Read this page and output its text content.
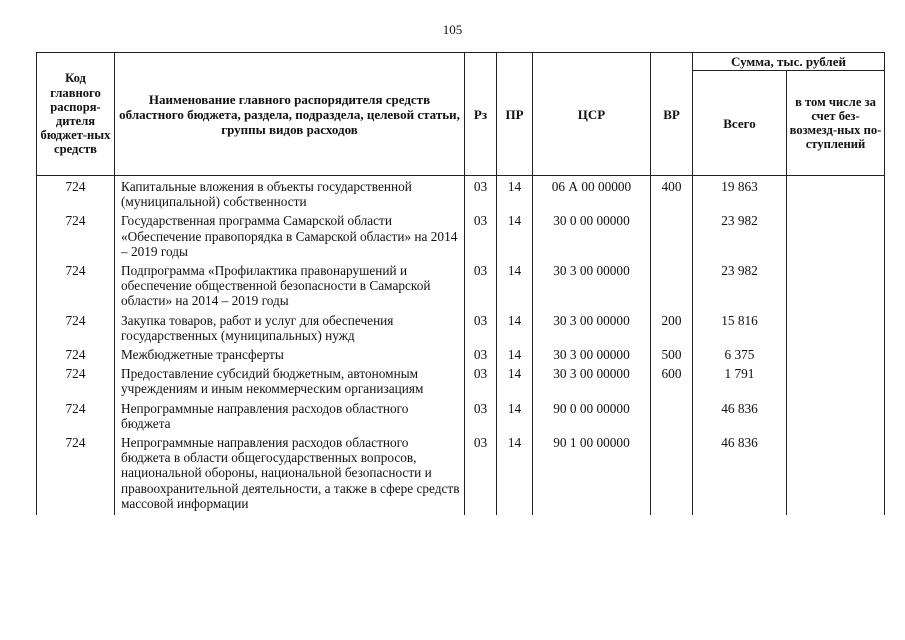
105
Код главного распоря-дителя бюджет-ных средств	Наименование главного распорядителя средств областного бюджета, раздела, подраздела, целевой статьи, группы видов расходов	Рз	ПР	ЦСР	ВР	Сумма, тыс. рублей	
						Всего	в том числе за счет без-возмезд-ных по-ступлений
724	Капитальные вложения в объекты государственной (муниципальной) собственности	03	14	06 А 00 00000	400	19 863	
724	Государственная программа Самарской области «Обеспечение правопорядка в Самарской области» на 2014 – 2019 годы	03	14	30 0 00 00000		23 982	
724	Подпрограмма «Профилактика правонарушений и обеспечение общественной безопасности в Самарской области» на 2014 – 2019 годы	03	14	30 3 00 00000		23 982	
724	Закупка товаров, работ и услуг для обеспечения государственных (муниципальных) нужд	03	14	30 3 00 00000	200	15 816	
724	Межбюджетные трансферты	03	14	30 3 00 00000	500	6 375	
724	Предоставление субсидий бюджетным, автономным учреждениям и иным некоммерческим организациям	03	14	30 3 00 00000	600	1 791	
724	Непрограммные направления расходов областного бюджета	03	14	90 0 00 00000		46 836	
724	Непрограммные направления расходов областного бюджета в области общегосударственных вопросов, национальной обороны, национальной безопасности и правоохранительной деятельности, а также в сфере средств массовой информации	03	14	90 1 00 00000		46 836	
